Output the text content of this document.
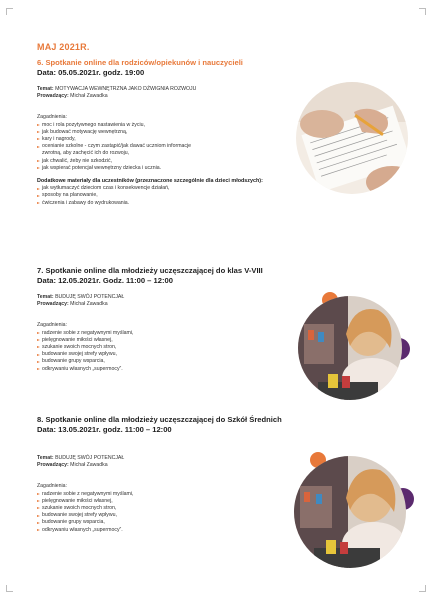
MAJ 2021R.
6. Spotkanie online dla rodziców/opiekunów i nauczycieli
Data: 05.05.2021r. godz. 19:00
Temat: MOTYWACJA WEWNĘTRZNA JAKO DŹWIGNIA ROZWOJU
Prowadzący: Michał Zawadka
Zagadnienia:
moc i rola pozytywnego nastawienia w życiu,
jak budować motywację wewnętrzną,
kary i nagrody,
ocenianie szkolne - czym zastąpić/jak dawać uczniom informacje
zwrotną, aby zachęcić ich do rozwoju,
jak chwalić, żeby nie szkodzić,
jak wspierać potencjał wewnętrzny dziecka i ucznia.
Dodatkowe materiały dla uczestników (przeznaczone szczególnie dla dzieci młodszych):
jak wytłumaczyć dzieciom czas i konsekwencje działań,
sposoby na planowanie,
ćwiczenia i zabawy do wydrukowania.
7. Spotkanie online dla młodzieży uczęszczającej do klas V-VIII
Data: 12.05.2021r. Godz. 11:00 – 12:00
Temat: BUDUJĘ SWÓJ POTENCJAŁ
Prowadzący: Michał Zawadka
Zagadnienia:
radzenie sobie z negatywnymi myślami,
pielęgnowanie miłości własnej,
szukanie swoich mocnych stron,
budowanie swojej strefy wpływu,
budowanie grupy wsparcia,
odkrywaniu własnych „supermocy”.
8. Spotkanie online dla młodzieży uczęszczającej do Szkół Średnich
Data: 13.05.2021r. godz. 11:00 – 12:00
Temat: BUDUJĘ SWÓJ POTENCJAŁ
Prowadzący: Michał Zawadka
Zagadnienia:
radzenie sobie z negatywnymi myślami,
pielęgnowanie miłości własnej,
szukanie swoich mocnych stron,
budowanie swojej strefy wpływu,
budowanie grupy wsparcia,
odkrywaniu własnych „supermocy”.
